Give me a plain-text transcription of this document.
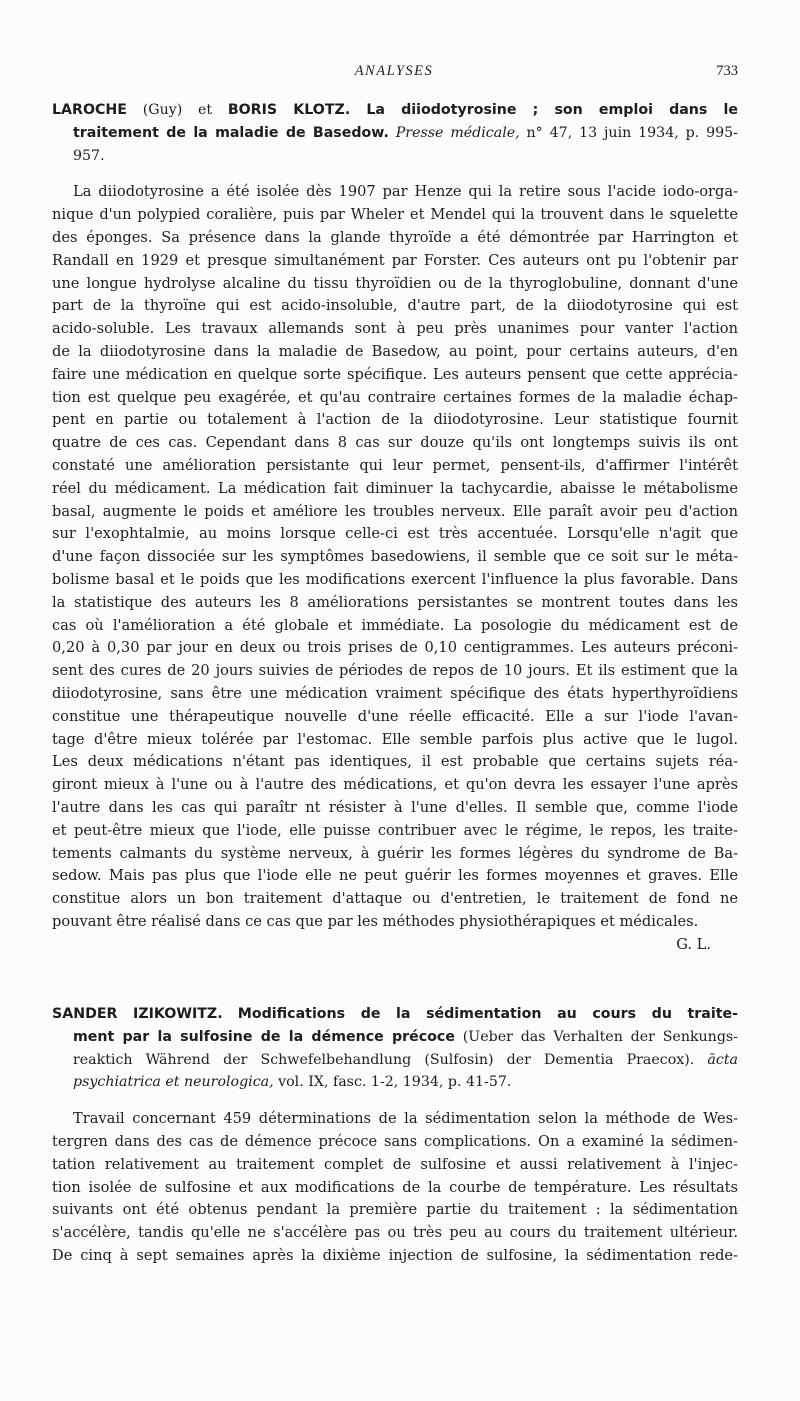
ANALYSES	733
LAROCHE (Guy) et BORIS KLOTZ. La diiodotyrosine ; son emploi dans le
traitement de la maladie de Basedow. Presse médicale, n° 47, 13 juin 1934, p. 995-
957.
La diiodotyrosine a été isolée dès 1907 par Henze qui la retire sous l'acide iodo-orga-
nique d'un polypied coralière, puis par Wheler et Mendel qui la trouvent dans le squelette
des éponges. Sa présence dans la glande thyroïde a été démontrée par Harrington et
Randall en 1929 et presque simultanément par Forster. Ces auteurs ont pu l'obtenir par
une longue hydrolyse alcaline du tissu thyroïdien ou de la thyroglobuline, donnant d'une
part de la thyroïne qui est acido-insoluble, d'autre part, de la diiodotyrosine qui est
acido-soluble. Les travaux allemands sont à peu près unanimes pour vanter l'action
de la diiodotyrosine dans la maladie de Basedow, au point, pour certains auteurs, d'en
faire une médication en quelque sorte spécifique. Les auteurs pensent que cette apprécia-
tion est quelque peu exagérée, et qu'au contraire certaines formes de la maladie échap-
pent en partie ou totalement à l'action de la diiodotyrosine. Leur statistique fournit
quatre de ces cas. Cependant dans 8 cas sur douze qu'ils ont longtemps suivis ils ont
constaté une amélioration persistante qui leur permet, pensent-ils, d'affirmer l'intérêt
réel du médicament. La médication fait diminuer la tachycardie, abaisse le métabolisme
basal, augmente le poids et améliore les troubles nerveux. Elle paraît avoir peu d'action
sur l'exophtalmie, au moins lorsque celle-ci est très accentuée. Lorsqu'elle n'agit que
d'une façon dissociée sur les symptômes basedowiens, il semble que ce soit sur le méta-
bolisme basal et le poids que les modifications exercent l'influence la plus favorable. Dans
la statistique des auteurs les 8 améliorations persistantes se montrent toutes dans les
cas où l'amélioration a été globale et immédiate. La posologie du médicament est de
0,20 à 0,30 par jour en deux ou trois prises de 0,10 centigrammes. Les auteurs préconi-
sent des cures de 20 jours suivies de périodes de repos de 10 jours. Et ils estiment que la
diiodotyrosine, sans être une médication vraiment spécifique des états hyperthyroïdiens
constitue une thérapeutique nouvelle d'une réelle efficacité. Elle a sur l'iode l'avan-
tage d'être mieux tolérée par l'estomac. Elle semble parfois plus active que le lugol.
Les deux médications n'étant pas identiques, il est probable que certains sujets réa-
giront mieux à l'une ou à l'autre des médications, et qu'on devra les essayer l'une après
l'autre dans les cas qui paraîtr nt résister à l'une d'elles. Il semble que, comme l'iode
et peut-être mieux que l'iode, elle puisse contribuer avec le régime, le repos, les traite-
tements calmants du système nerveux, à guérir les formes légères du syndrome de Ba-
sedow. Mais pas plus que l'iode elle ne peut guérir les formes moyennes et graves. Elle
constitue alors un bon traitement d'attaque ou d'entretien, le traitement de fond ne
pouvant être réalisé dans ce cas que par les méthodes physiothérapiques et médicales.
G. L.
SANDER IZIKOWITZ. Modifications de la sédimentation au cours du traite-
ment par la sulfosine de la démence précoce (Ueber das Verhalten der Senkungs-
reaktich Während der Schwefelbehandlung (Sulfosin) der Dementia Praecox). ācta
psychiatrica et neurologica, vol. IX, fasc. 1-2, 1934, p. 41-57.
Travail concernant 459 déterminations de la sédimentation selon la méthode de Wes-
tergren dans des cas de démence précoce sans complications. On a examiné la sédimen-
tation relativement au traitement complet de sulfosine et aussi relativement à l'injec-
tion isolée de sulfosine et aux modifications de la courbe de température. Les résultats
suivants ont été obtenus pendant la première partie du traitement : la sédimentation
s'accélère, tandis qu'elle ne s'accélère pas ou très peu au cours du traitement ultérieur.
De cinq à sept semaines après la dixième injection de sulfosine, la sédimentation rede-
